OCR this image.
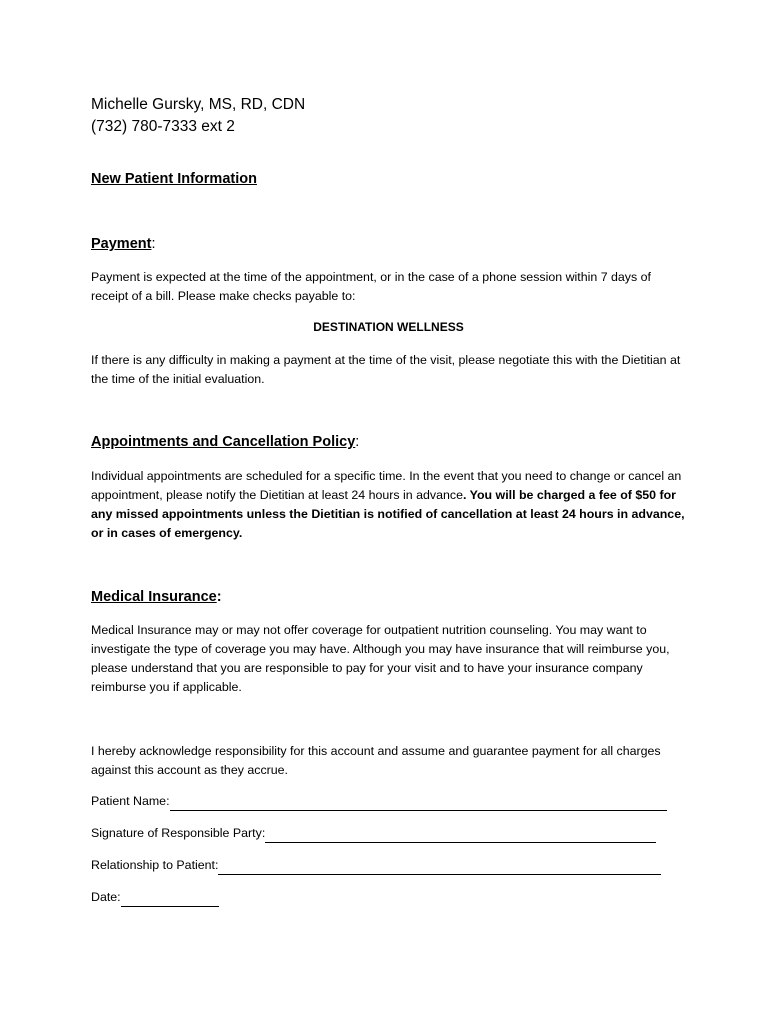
Michelle Gursky, MS, RD, CDN
(732) 780-7333 ext 2
New Patient Information
Payment:

Payment is expected at the time of the appointment, or in the case of a phone session within 7 days of receipt of a bill. Please make checks payable to:

DESTINATION WELLNESS

If there is any difficulty in making a payment at the time of the visit, please negotiate this with the Dietitian at the time of the initial evaluation.

Appointments and Cancellation Policy:

Individual appointments are scheduled for a specific time. In the event that you need to change or cancel an appointment, please notify the Dietitian at least 24 hours in advance. You will be charged a fee of $50 for any missed appointments unless the Dietitian is notified of cancellation at least 24 hours in advance, or in cases of emergency.

Medical Insurance:

Medical Insurance may or may not offer coverage for outpatient nutrition counseling. You may want to investigate the type of coverage you may have. Although you may have insurance that will reimburse you, please understand that you are responsible to pay for your visit and to have your insurance company reimburse you if applicable.

I hereby acknowledge responsibility for this account and assume and guarantee payment for all charges against this account as they accrue.

Patient Name:
Signature of Responsible Party:
Relationship to Patient:
Date:
